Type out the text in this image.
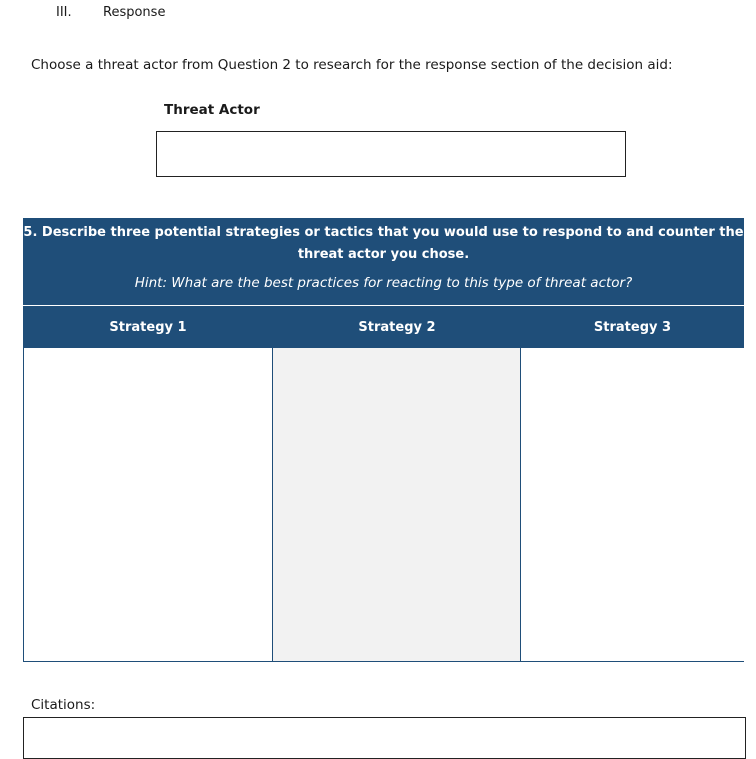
III. Response
Choose a threat actor from Question 2 to research for the response section of the decision aid:
Threat Actor
5. Describe three potential strategies or tactics that you would use to respond to and counter the threat actor you chose.
Hint: What are the best practices for reacting to this type of threat actor?
Strategy 1	Strategy 2	Strategy 3
Citations:
